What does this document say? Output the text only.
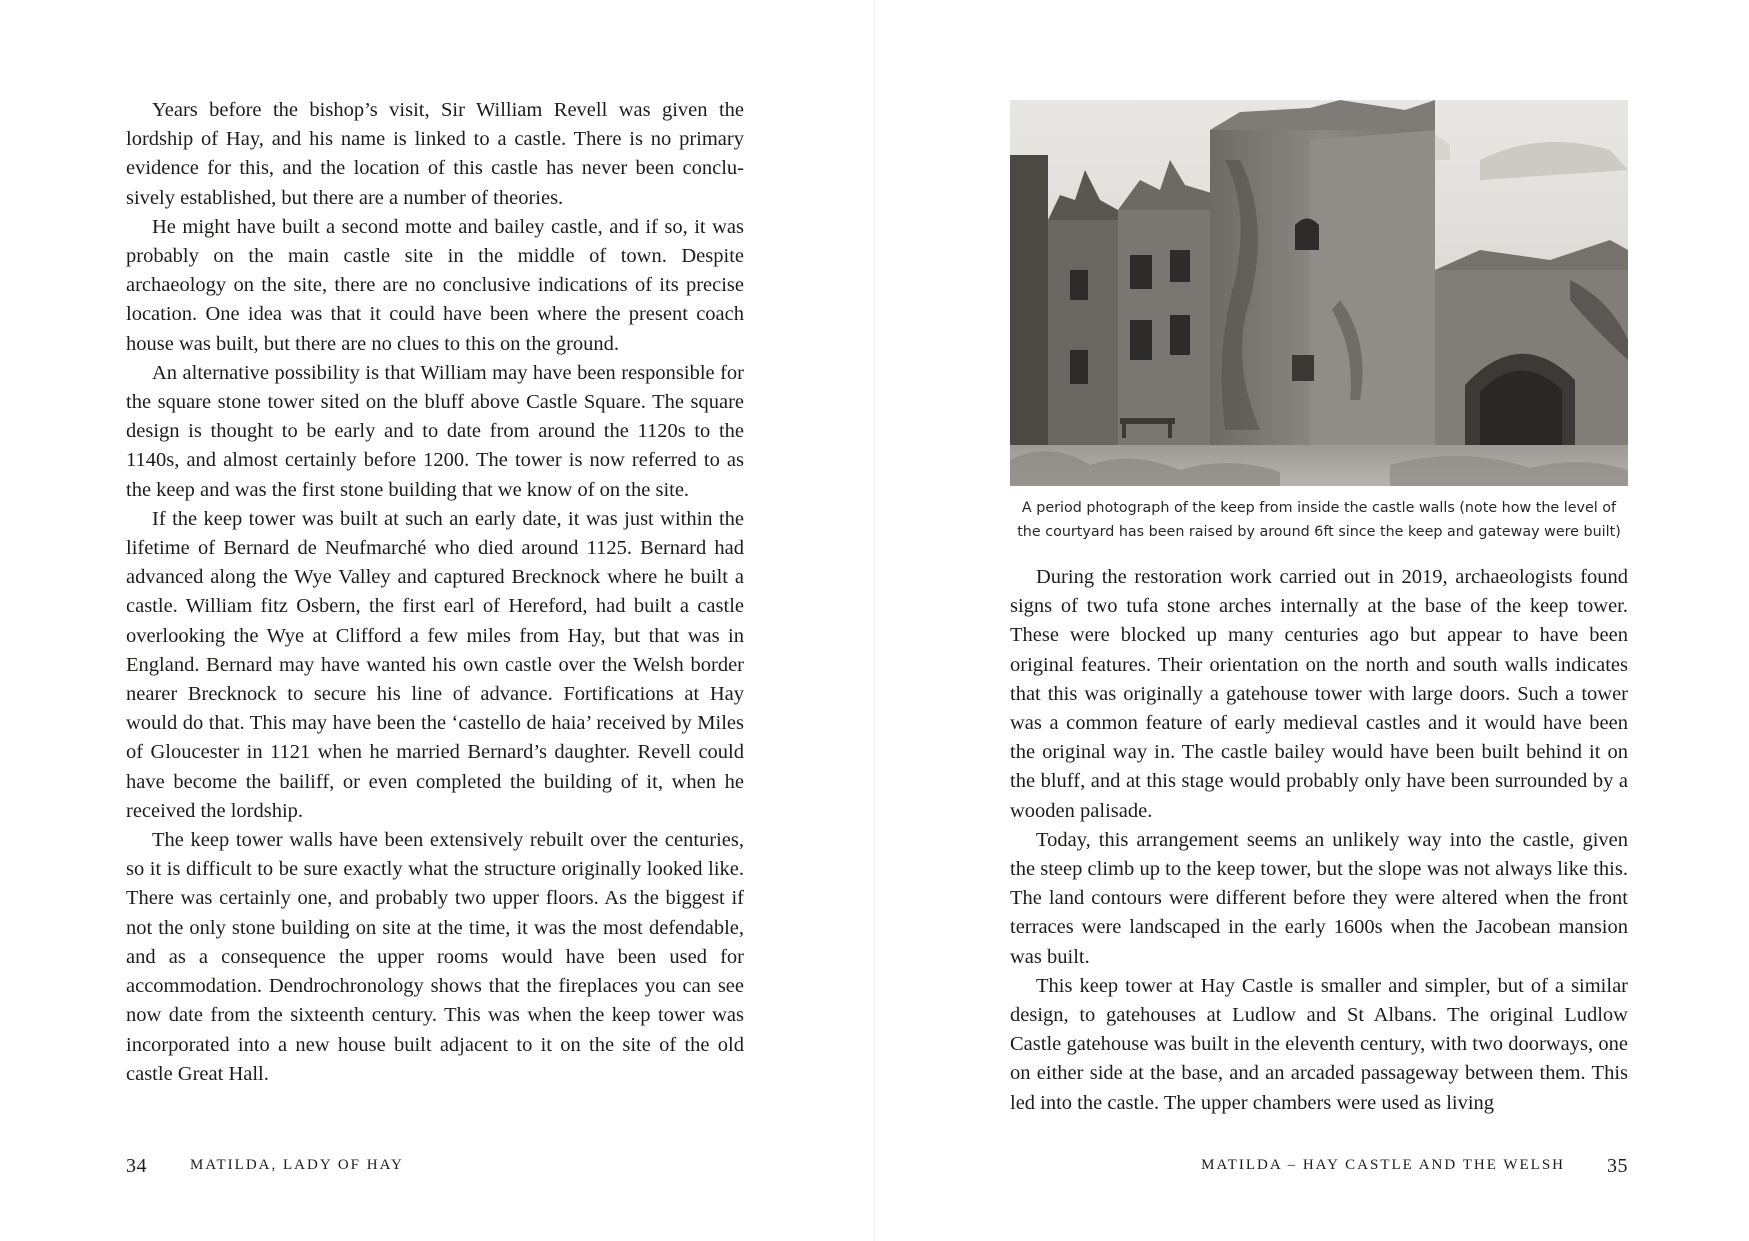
Years before the bishop’s visit, Sir William Revell was given the lordship of Hay, and his name is linked to a castle. There is no primary evidence for this, and the location of this castle has never been conclusively established, but there are a number of theories.

He might have built a second motte and bailey castle, and if so, it was probably on the main castle site in the middle of town. Despite archaeology on the site, there are no conclusive indications of its precise location. One idea was that it could have been where the present coach house was built, but there are no clues to this on the ground.

An alternative possibility is that William may have been responsible for the square stone tower sited on the bluff above Castle Square. The square design is thought to be early and to date from around the 1120s to the 1140s, and almost certainly before 1200. The tower is now referred to as the keep and was the first stone building that we know of on the site.

If the keep tower was built at such an early date, it was just within the lifetime of Bernard de Neufmarché who died around 1125. Bernard had advanced along the Wye Valley and captured Brecknock where he built a castle. William fitz Osbern, the first earl of Hereford, had built a castle overlooking the Wye at Clifford a few miles from Hay, but that was in England. Bernard may have wanted his own castle over the Welsh border nearer Brecknock to secure his line of advance. Fortifications at Hay would do that. This may have been the ‘castello de haia’ received by Miles of Gloucester in 1121 when he married Bernard’s daughter. Revell could have become the bailiff, or even completed the building of it, when he received the lordship.

The keep tower walls have been extensively rebuilt over the centuries, so it is difficult to be sure exactly what the structure originally looked like. There was certainly one, and probably two upper floors. As the biggest if not the only stone building on site at the time, it was the most defendable, and as a consequence the upper rooms would have been used for accommodation. Dendrochronology shows that the fireplaces you can see now date from the sixteenth century. This was when the keep tower was incorporated into a new house built adjacent to it on the site of the old castle Great Hall.

34	MATILDA, LADY OF HAY
A period photograph of the keep from inside the castle walls (note how the level of
the courtyard has been raised by around 6ft since the keep and gateway were built)

During the restoration work carried out in 2019, archaeologists found signs of two tufa stone arches internally at the base of the keep tower. These were blocked up many centuries ago but appear to have been original features. Their orientation on the north and south walls indicates that this was originally a gatehouse tower with large doors. Such a tower was a common feature of early medieval castles and it would have been the original way in. The castle bailey would have been built behind it on the bluff, and at this stage would probably only have been surrounded by a wooden palisade.

Today, this arrangement seems an unlikely way into the castle, given the steep climb up to the keep tower, but the slope was not always like this. The land contours were different before they were altered when the front terraces were landscaped in the early 1600s when the Jacobean mansion was built.

This keep tower at Hay Castle is smaller and simpler, but of a similar design, to gatehouses at Ludlow and St Albans. The original Ludlow Castle gatehouse was built in the eleventh century, with two doorways, one on either side at the base, and an arcaded passageway between them. This led into the castle. The upper chambers were used as living

MATILDA – HAY CASTLE AND THE WELSH 35
